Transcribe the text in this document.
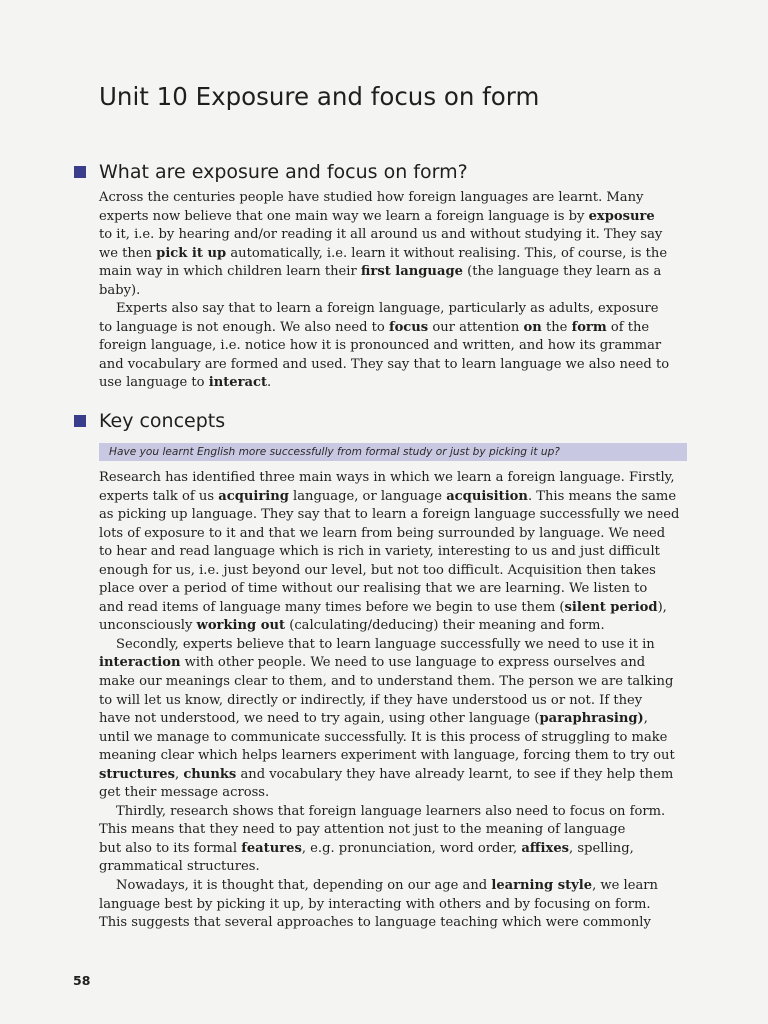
Unit 10 Exposure and focus on form
What are exposure and focus on form?
Across the centuries people have studied how foreign languages are learnt. Many
experts now believe that one main way we learn a foreign language is by exposure
to it, i.e. by hearing and/or reading it all around us and without studying it. They say
we then pick it up automatically, i.e. learn it without realising. This, of course, is the
main way in which children learn their first language (the language they learn as a
baby).
Experts also say that to learn a foreign language, particularly as adults, exposure
to language is not enough. We also need to focus our attention on the form of the
foreign language, i.e. notice how it is pronounced and written, and how its grammar
and vocabulary are formed and used. They say that to learn language we also need to
use language to interact.
Key concepts
Have you learnt English more successfully from formal study or just by picking it up?
Research has identified three main ways in which we learn a foreign language. Firstly,
experts talk of us acquiring language, or language acquisition. This means the same
as picking up language. They say that to learn a foreign language successfully we need
lots of exposure to it and that we learn from being surrounded by language. We need
to hear and read language which is rich in variety, interesting to us and just difficult
enough for us, i.e. just beyond our level, but not too difficult. Acquisition then takes
place over a period of time without our realising that we are learning. We listen to
and read items of language many times before we begin to use them (silent period),
unconsciously working out (calculating/deducing) their meaning and form.
Secondly, experts believe that to learn language successfully we need to use it in
interaction with other people. We need to use language to express ourselves and
make our meanings clear to them, and to understand them. The person we are talking
to will let us know, directly or indirectly, if they have understood us or not. If they
have not understood, we need to try again, using other language (paraphrasing),
until we manage to communicate successfully. It is this process of struggling to make
meaning clear which helps learners experiment with language, forcing them to try out
structures, chunks and vocabulary they have already learnt, to see if they help them
get their message across.
Thirdly, research shows that foreign language learners also need to focus on form.
This means that they need to pay attention not just to the meaning of language
but also to its formal features, e.g. pronunciation, word order, affixes, spelling,
grammatical structures.
Nowadays, it is thought that, depending on our age and learning style, we learn
language best by picking it up, by interacting with others and by focusing on form.
This suggests that several approaches to language teaching which were commonly
58
